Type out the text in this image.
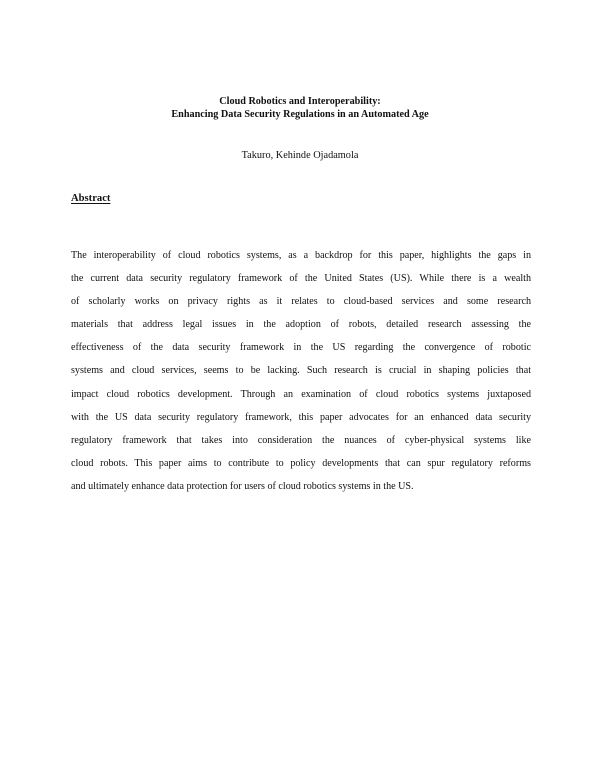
Cloud Robotics and Interoperability:
Enhancing Data Security Regulations in an Automated Age
Takuro, Kehinde Ojadamola
Abstract
The interoperability of cloud robotics systems, as a backdrop for this paper, highlights the gaps in
the current data security regulatory framework of the United States (US). While there is a wealth
of scholarly works on privacy rights as it relates to cloud-based services and some research
materials that address legal issues in the adoption of robots, detailed research assessing the
effectiveness of the data security framework in the US regarding the convergence of robotic
systems and cloud services, seems to be lacking. Such research is crucial in shaping policies that
impact cloud robotics development. Through an examination of cloud robotics systems juxtaposed
with the US data security regulatory framework, this paper advocates for an enhanced data security
regulatory framework that takes into consideration the nuances of cyber-physical systems like
cloud robots. This paper aims to contribute to policy developments that can spur regulatory reforms
and ultimately enhance data protection for users of cloud robotics systems in the US.
